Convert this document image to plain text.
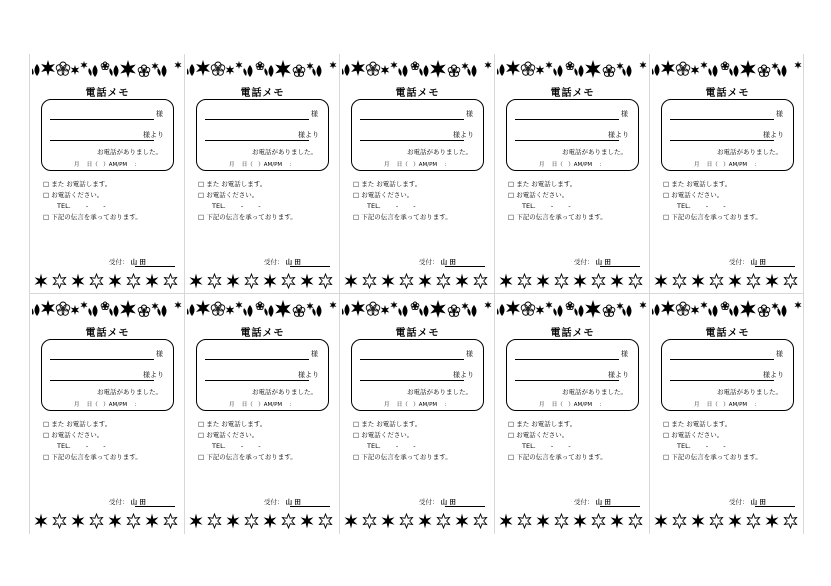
電話メモ
様
様より
お電話がありました。
月　 日（　）AM/PM　 ：
□ また お電話します。
□ お電話ください。
TEL.　　 -　　 -
□ 下記の伝言を承っております。
受付： 山 田
電話メモ
様
様より
お電話がありました。
月　 日（　）AM/PM　 ：
□ また お電話します。
□ お電話ください。
TEL.　　 -　　 -
□ 下記の伝言を承っております。
受付： 山 田
電話メモ
様
様より
お電話がありました。
月　 日（　）AM/PM　 ：
□ また お電話します。
□ お電話ください。
TEL.　　 -　　 -
□ 下記の伝言を承っております。
受付： 山 田
電話メモ
様
様より
お電話がありました。
月　 日（　）AM/PM　 ：
□ また お電話します。
□ お電話ください。
TEL.　　 -　　 -
□ 下記の伝言を承っております。
受付： 山 田
電話メモ
様
様より
お電話がありました。
月　 日（　）AM/PM　 ：
□ また お電話します。
□ お電話ください。
TEL.　　 -　　 -
□ 下記の伝言を承っております。
受付： 山 田
電話メモ
様
様より
お電話がありました。
月　 日（　）AM/PM　 ：
□ また お電話します。
□ お電話ください。
TEL.　　 -　　 -
□ 下記の伝言を承っております。
受付： 山 田
電話メモ
様
様より
お電話がありました。
月　 日（　）AM/PM　 ：
□ また お電話します。
□ お電話ください。
TEL.　　 -　　 -
□ 下記の伝言を承っております。
受付： 山 田
電話メモ
様
様より
お電話がありました。
月　 日（　）AM/PM　 ：
□ また お電話します。
□ お電話ください。
TEL.　　 -　　 -
□ 下記の伝言を承っております。
受付： 山 田
電話メモ
様
様より
お電話がありました。
月　 日（　）AM/PM　 ：
□ また お電話します。
□ お電話ください。
TEL.　　 -　　 -
□ 下記の伝言を承っております。
受付： 山 田
電話メモ
様
様より
お電話がありました。
月　 日（　）AM/PM　 ：
□ また お電話します。
□ お電話ください。
TEL.　　 -　　 -
□ 下記の伝言を承っております。
受付： 山 田
